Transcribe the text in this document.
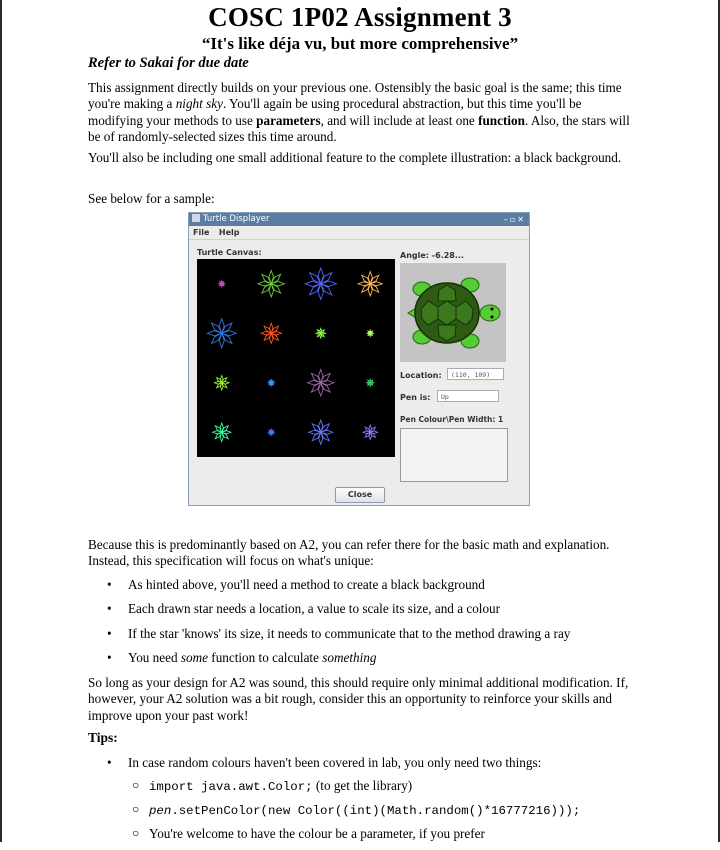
COSC 1P02 Assignment 3
“It's like déja vu, but more comprehensive”
Refer to Sakai for due date
This assignment directly builds on your previous one. Ostensibly the basic goal is the same; this time you're making a night sky. You'll again be using procedural abstraction, but this time you'll be modifying your methods to use parameters, and will include at least one function. Also, the stars will be of randomly-selected sizes this time around.
You'll also be including one small additional feature to the complete illustration: a black background.
See below for a sample:
Turtle Displayer	–▫✕
File Help
Turtle Canvas:	Angle: -6.28...
Location:	(110, 109)
Pen is:	Up
Pen Colour\Pen Width: 1
Close
Because this is predominantly based on A2, you can refer there for the basic math and explanation. Instead, this specification will focus on what's unique:
• As hinted above, you'll need a method to create a black background
• Each drawn star needs a location, a value to scale its size, and a colour
• If the star 'knows' its size, it needs to communicate that to the method drawing a ray
• You need some function to calculate something
So long as your design for A2 was sound, this should require only minimal additional modification. If, however, your A2 solution was a bit rough, consider this an opportunity to reinforce your skills and improve upon your past work!
Tips:
• In case random colours haven't been covered in lab, you only need two things:
○ import java.awt.Color; (to get the library)
○ pen.setPenColor(new Color((int)(Math.random()*16777216)));
○ You're welcome to have the colour be a parameter, if you prefer
